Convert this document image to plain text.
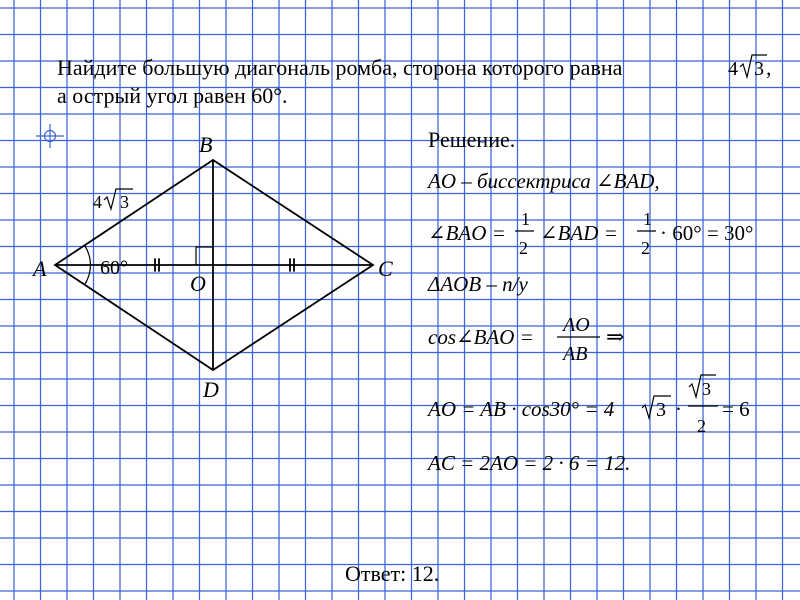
Найдите большую диагональ ромба, сторона которого равна	4 3 ,
а острый угол равен 60°.
B
A	C
D
O
60°
4 3
Решение.
AO – биссектриса ∠BAD,
∠BAO =
1
2
∠BAD =
1
2
· 60° = 30°
ΔAOB – п/у
cos∠BAO = AO
AB
⇒
AO = AB · cos30° = 4 3 ·
3
2
= 6
AC = 2AO = 2 · 6 = 12.
Ответ: 12.
